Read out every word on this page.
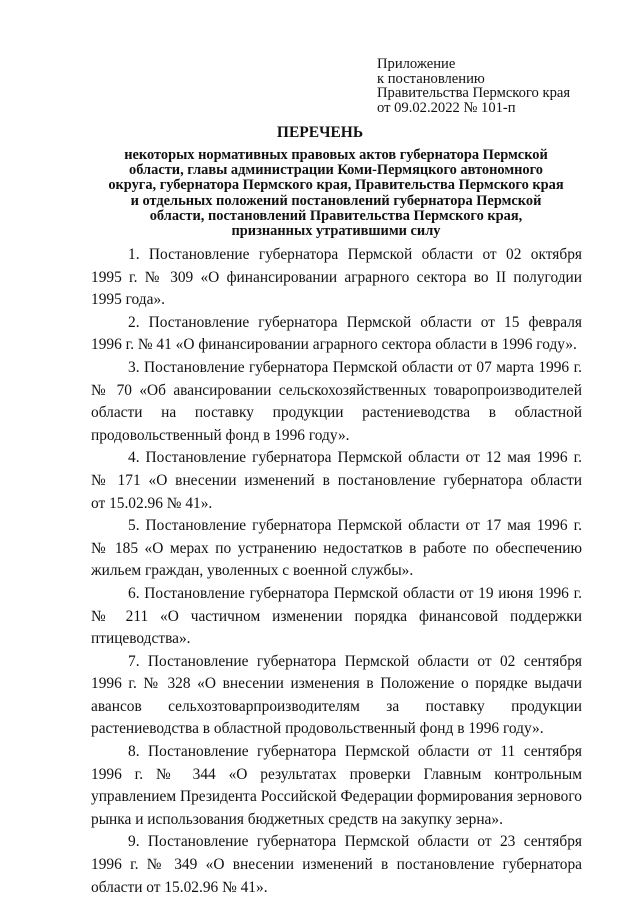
Приложение
к постановлению
Правительства Пермского края
от 09.02.2022 № 101-п
ПЕРЕЧЕНЬ
некоторых нормативных правовых актов губернатора Пермской
области, главы администрации Коми-Пермяцкого автономного
округа, губернатора Пермского края, Правительства Пермского края
и отдельных положений постановлений губернатора Пермской
области, постановлений Правительства Пермского края,
признанных утратившими силу
1. Постановление губернатора Пермской области от 02 октября
1995 г. № 309 «О финансировании аграрного сектора во II полугодии
1995 года».
2. Постановление губернатора Пермской области от 15 февраля
1996 г. № 41 «О финансировании аграрного сектора области в 1996 году».
3. Постановление губернатора Пермской области от 07 марта 1996 г.
№ 70 «Об авансировании сельскохозяйственных товаропроизводителей
области на поставку продукции растениеводства в областной
продовольственный фонд в 1996 году».
4. Постановление губернатора Пермской области от 12 мая 1996 г.
№ 171 «О внесении изменений в постановление губернатора области
от 15.02.96 № 41».
5. Постановление губернатора Пермской области от 17 мая 1996 г.
№ 185 «О мерах по устранению недостатков в работе по обеспечению
жильем граждан, уволенных с военной службы».
6. Постановление губернатора Пермской области от 19 июня 1996 г.
№ 211 «О частичном изменении порядка финансовой поддержки
птицеводства».
7. Постановление губернатора Пермской области от 02 сентября
1996 г. № 328 «О внесении изменения в Положение о порядке выдачи
авансов сельхозтоварпроизводителям за поставку продукции
растениеводства в областной продовольственный фонд в 1996 году».
8. Постановление губернатора Пермской области от 11 сентября
1996 г. № 344 «О результатах проверки Главным контрольным
управлением Президента Российской Федерации формирования зернового
рынка и использования бюджетных средств на закупку зерна».
9. Постановление губернатора Пермской области от 23 сентября
1996 г. № 349 «О внесении изменений в постановление губернатора
области от 15.02.96 № 41».
